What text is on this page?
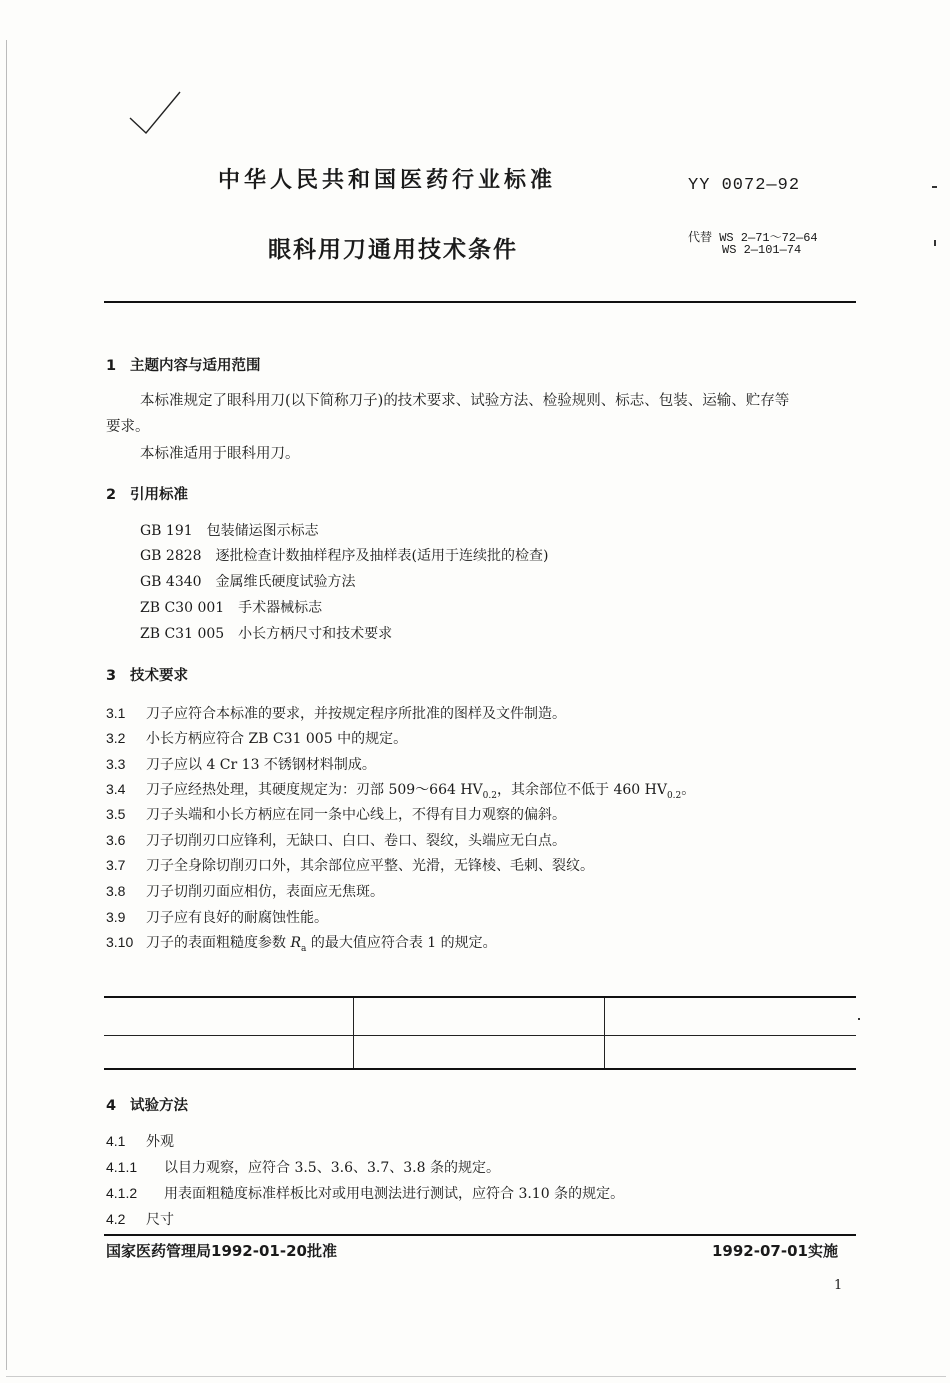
中华人民共和国医药行业标准	YY 0072—92
眼科用刀通用技术条件	代替 WS 2—71～72—64
WS 2—101—74
1 主题内容与适用范围
本标准规定了眼科用刀(以下简称刀子)的技术要求、试验方法、检验规则、标志、包装、运输、贮存等
要求。
本标准适用于眼科用刀。
2 引用标准
GB 191　包装储运图示标志
GB 2828　逐批检查计数抽样程序及抽样表(适用于连续批的检查)
GB 4340　金属维氏硬度试验方法
ZB C30 001　手术器械标志
ZB C31 005　小长方柄尺寸和技术要求
3 技术要求
3.1 刀子应符合本标准的要求，并按规定程序所批准的图样及文件制造。
3.2 小长方柄应符合 ZB C31 005 中的规定。
3.3 刀子应以 4 Cr 13 不锈钢材料制成。
3.4 刀子应经热处理，其硬度规定为：刃部 509～664 $HV_{0.2}$，其余部位不低于 460 $HV_{0.2}$。
3.5 刀子头端和小长方柄应在同一条中心线上，不得有目力观察的偏斜。
3.6 刀子切削刃口应锋利，无缺口、白口、卷口、裂纹，头端应无白点。
3.7 刀子全身除切削刃口外，其余部位应平整、光滑，无锋棱、毛刺、裂纹。
3.8 刀子切削刃面应相仿，表面应无焦斑。
3.9 刀子应有良好的耐腐蚀性能。
3.10 刀子的表面粗糙度参数 $R_a$ 的最大值应符合表 1 的规定。

4 试验方法
4.1 外观
4.1.1 以目力观察，应符合 3.5、3.6、3.7、3.8 条的规定。
4.1.2 用表面粗糙度标准样板比对或用电测法进行测试，应符合 3.10 条的规定。
4.2 尺寸
国家医药管理局1992-01-20批准	1992-07-01实施
1
